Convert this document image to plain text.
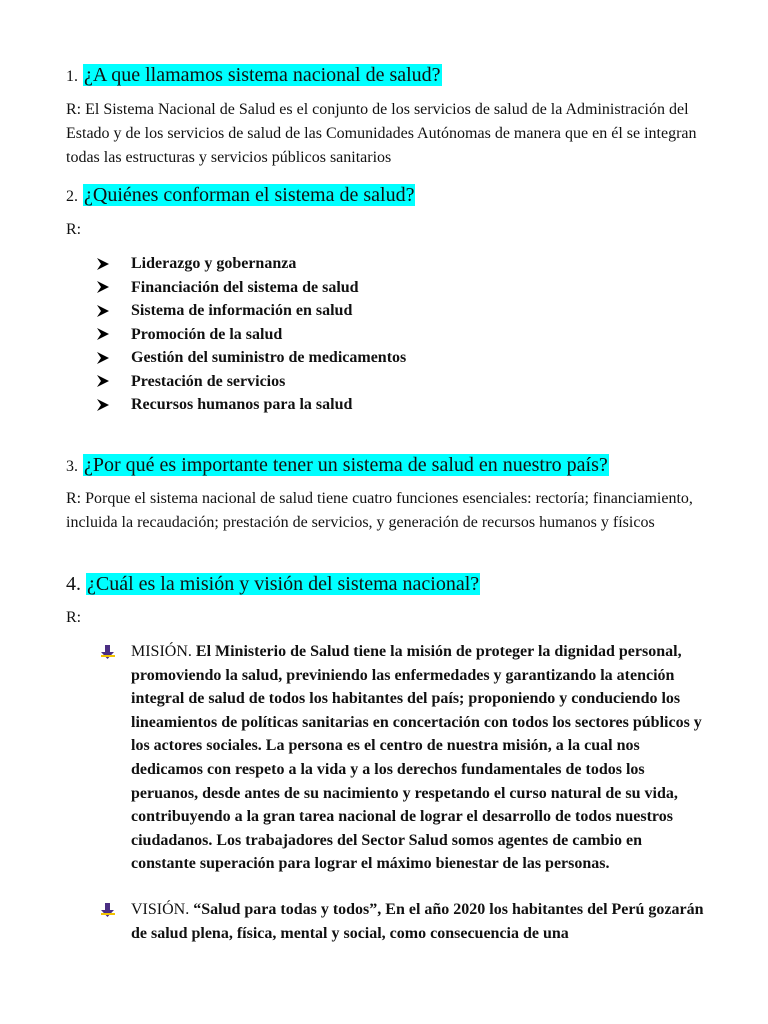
1. ¿A que llamamos sistema nacional de salud?

R: El Sistema Nacional de Salud es el conjunto de los servicios de salud de la Administración del Estado y de los servicios de salud de las Comunidades Autónomas de manera que en él se integran todas las estructuras y servicios públicos sanitarios

2. ¿Quiénes conforman el sistema de salud?

R:

Liderazgo y gobernanza
Financiación del sistema de salud
Sistema de información en salud
Promoción de la salud
Gestión del suministro de medicamentos
Prestación de servicios
Recursos humanos para la salud
3. ¿Por qué es importante tener un sistema de salud en nuestro país?

R: Porque el sistema nacional de salud tiene cuatro funciones esenciales: rectoría; financiamiento, incluida la recaudación; prestación de servicios, y generación de recursos humanos y físicos

4. ¿Cuál es la misión y visión del sistema nacional?

R:

MISIÓN. El Ministerio de Salud tiene la misión de proteger la dignidad personal, promoviendo la salud, previniendo las enfermedades y garantizando la atención integral de salud de todos los habitantes del país; proponiendo y conduciendo los lineamientos de políticas sanitarias en concertación con todos los sectores públicos y los actores sociales. La persona es el centro de nuestra misión, a la cual nos dedicamos con respeto a la vida y a los derechos fundamentales de todos los peruanos, desde antes de su nacimiento y respetando el curso natural de su vida, contribuyendo a la gran tarea nacional de lograr el desarrollo de todos nuestros ciudadanos. Los trabajadores del Sector Salud somos agentes de cambio en constante superación para lograr el máximo bienestar de las personas.
VISIÓN. “Salud para todas y todos”, En el año 2020 los habitantes del Perú gozarán de salud plena, física, mental y social, como consecuencia de una
